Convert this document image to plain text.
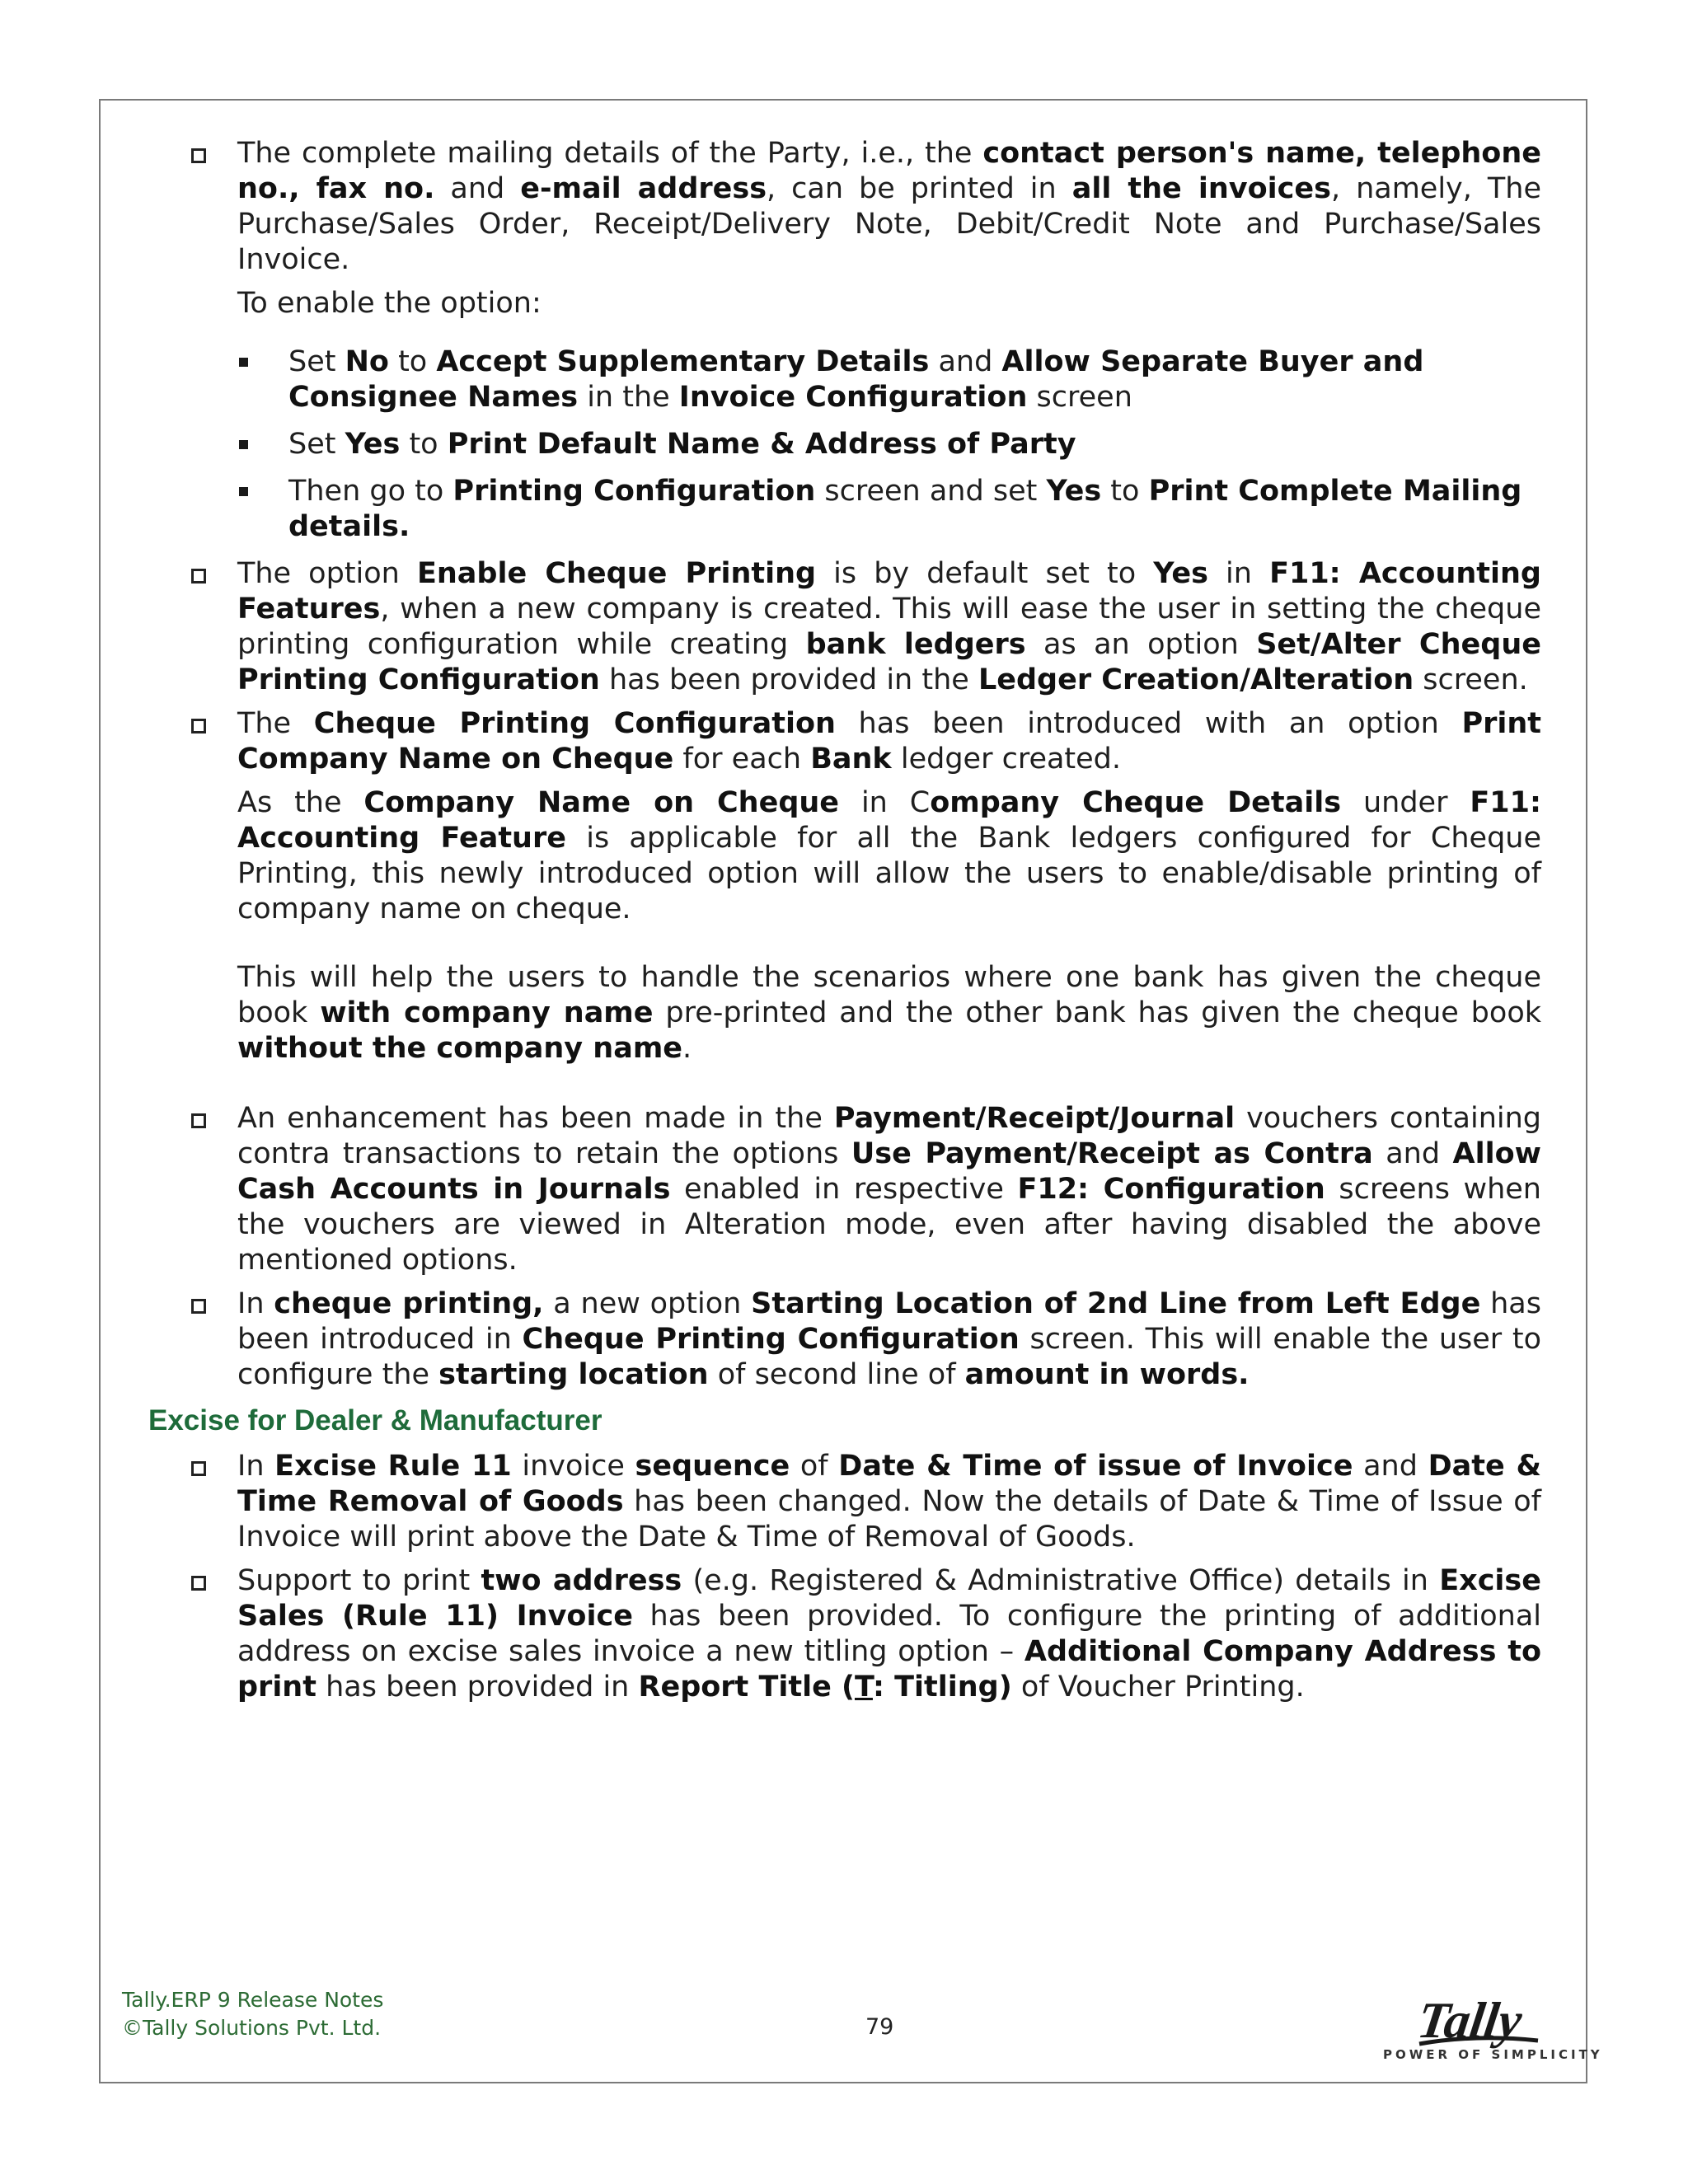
The complete mailing details of the Party, i.e., the contact person's name, telephone no., fax no. and e-mail address, can be printed in all the invoices, namely, The Purchase/Sales Order, Receipt/Delivery Note, Debit/Credit Note and Purchase/Sales Invoice.
To enable the option:
Set No to Accept Supplementary Details and Allow Separate Buyer and Consignee Names in the Invoice Configuration screen
Set Yes to Print Default Name & Address of Party
Then go to Printing Configuration screen and set Yes to Print Complete Mailing details.
The option Enable Cheque Printing is by default set to Yes in F11: Accounting Features, when a new company is created. This will ease the user in setting the cheque printing configuration while creating bank ledgers as an option Set/Alter Cheque Printing Configuration has been provided in the Ledger Creation/Alteration screen.
The Cheque Printing Configuration has been introduced with an option Print Company Name on Cheque for each Bank ledger created.
As the Company Name on Cheque in Company Cheque Details under F11: Accounting Feature is applicable for all the Bank ledgers configured for Cheque Printing, this newly introduced option will allow the users to enable/disable printing of company name on cheque.
This will help the users to handle the scenarios where one bank has given the cheque book with company name pre-printed and the other bank has given the cheque book without the company name.
An enhancement has been made in the Payment/Receipt/Journal vouchers containing contra transactions to retain the options Use Payment/Receipt as Contra and Allow Cash Accounts in Journals enabled in respective F12: Configuration screens when the vouchers are viewed in Alteration mode, even after having disabled the above mentioned options.
In cheque printing, a new option Starting Location of 2nd Line from Left Edge has been introduced in Cheque Printing Configuration screen. This will enable the user to configure the starting location of second line of amount in words.
Excise for Dealer & Manufacturer
In Excise Rule 11 invoice sequence of Date & Time of issue of Invoice and Date & Time Removal of Goods has been changed. Now the details of Date & Time of Issue of Invoice will print above the Date & Time of Removal of Goods.
Support to print two address (e.g. Registered & Administrative Office) details in Excise Sales (Rule 11) Invoice has been provided. To configure the printing of additional address on excise sales invoice a new titling option – Additional Company Address to print has been provided in Report Title (T: Titling) of Voucher Printing.
Tally.ERP 9 Release Notes
©Tally Solutions Pvt. Ltd.	79	Tally
POWER OF SIMPLICITY
